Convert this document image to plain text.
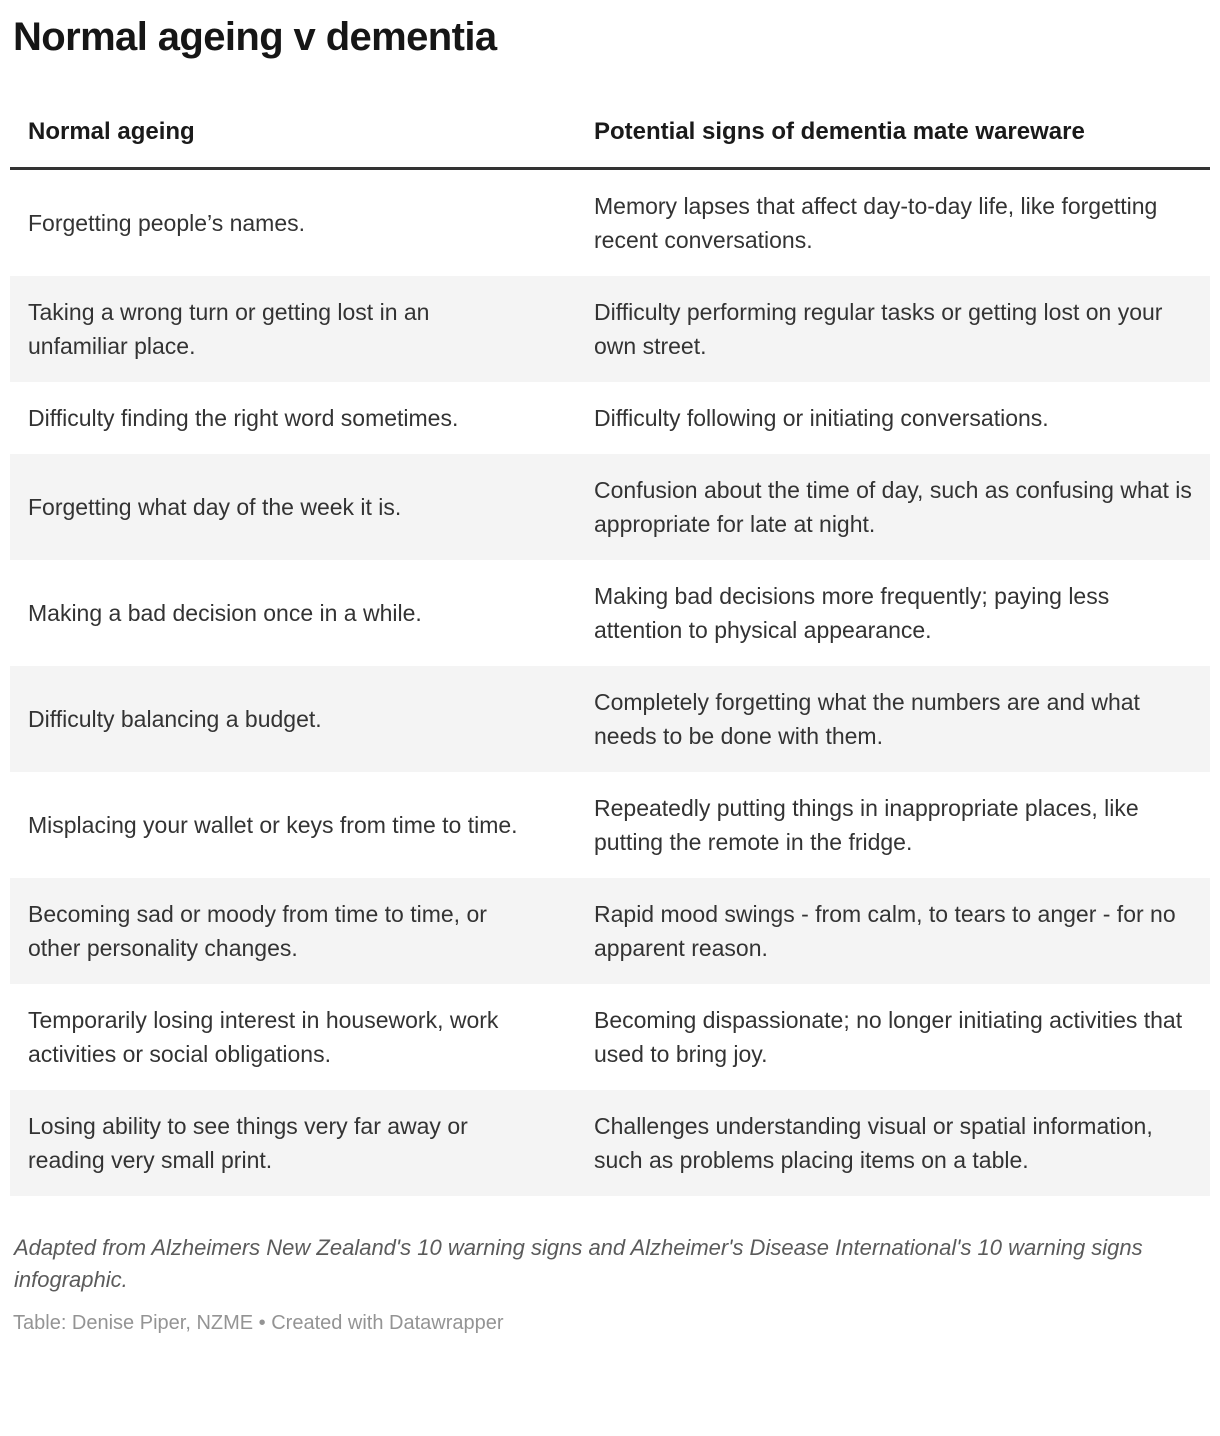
Normal ageing v dementia
Normal ageing	Potential signs of dementia mate wareware
Forgetting people’s names.	Memory lapses that affect day-to-day life, like forgetting recent conversations.
Taking a wrong turn or getting lost in an unfamiliar place.	Difficulty performing regular tasks or getting lost on your own street.
Difficulty finding the right word sometimes.	Difficulty following or initiating conversations.
Forgetting what day of the week it is.	Confusion about the time of day, such as confusing what is appropriate for late at night.
Making a bad decision once in a while.	Making bad decisions more frequently; paying less attention to physical appearance.
Difficulty balancing a budget.	Completely forgetting what the numbers are and what needs to be done with them.
Misplacing your wallet or keys from time to time.	Repeatedly putting things in inappropriate places, like putting the remote in the fridge.
Becoming sad or moody from time to time, or other personality changes.	Rapid mood swings - from calm, to tears to anger - for no apparent reason.
Temporarily losing interest in housework, work activities or social obligations.	Becoming dispassionate; no longer initiating activities that used to bring joy.
Losing ability to see things very far away or reading very small print.	Challenges understanding visual or spatial information, such as problems placing items on a table.

Adapted from Alzheimers New Zealand's 10 warning signs and Alzheimer's Disease International's 10 warning signs infographic.

Table: Denise Piper, NZME • Created with Datawrapper
